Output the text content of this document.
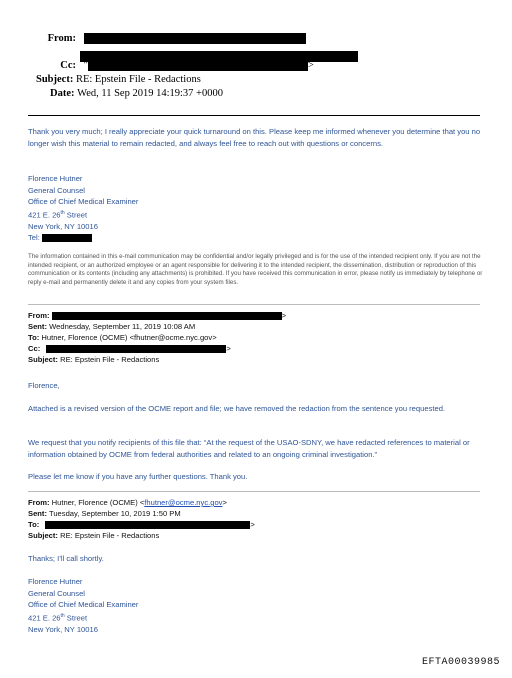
From:
Cc: "	>
Subject: RE: Epstein File - Redactions
Date: Wed, 11 Sep 2019 14:19:37 +0000
Thank you very much; I really appreciate your quick turnaround on this. Please keep me informed whenever you determine that you no longer wish this material to remain redacted, and always feel free to reach out with questions or concerns.
Florence Hutner
General Counsel
Office of Chief Medical Examiner
421 E. 26th Street
New York, NY 10016
Tel:
The information contained in this e-mail communication may be confidential and/or legally privileged and is for the use of the intended recipient only. If you are not the intended recipient, or an authorized employee or an agent responsible for delivering it to the intended recipient, the dissemination, distribution or reproduction of this communication or its contents (including any attachments) is prohibited. If you have received this communication in error, please notify us immediately by telephone or reply e-mail and permanently delete it and any copies from your system files.
From:	>
Sent: Wednesday, September 11, 2019 10:08 AM
To: Hutner, Florence (OCME) <fhutner@ocme.nyc.gov>
Cc:	>
Subject: RE: Epstein File - Redactions
Florence,
Attached is a revised version of the OCME report and file; we have removed the redaction from the sentence you requested.
We request that you notify recipients of this file that: “At the request of the USAO-SDNY, we have redacted references to material or information obtained by OCME from federal authorities and related to an ongoing criminal investigation.”
Please let me know if you have any further questions. Thank you.
From: Hutner, Florence (OCME) <fhutner@ocme.nyc.gov>
Sent: Tuesday, September 10, 2019 1:50 PM
To:	>
Subject: RE: Epstein File - Redactions
Thanks; I’ll call shortly.
Florence Hutner
General Counsel
Office of Chief Medical Examiner
421 E. 26th Street
New York, NY 10016
EFTA00039985
